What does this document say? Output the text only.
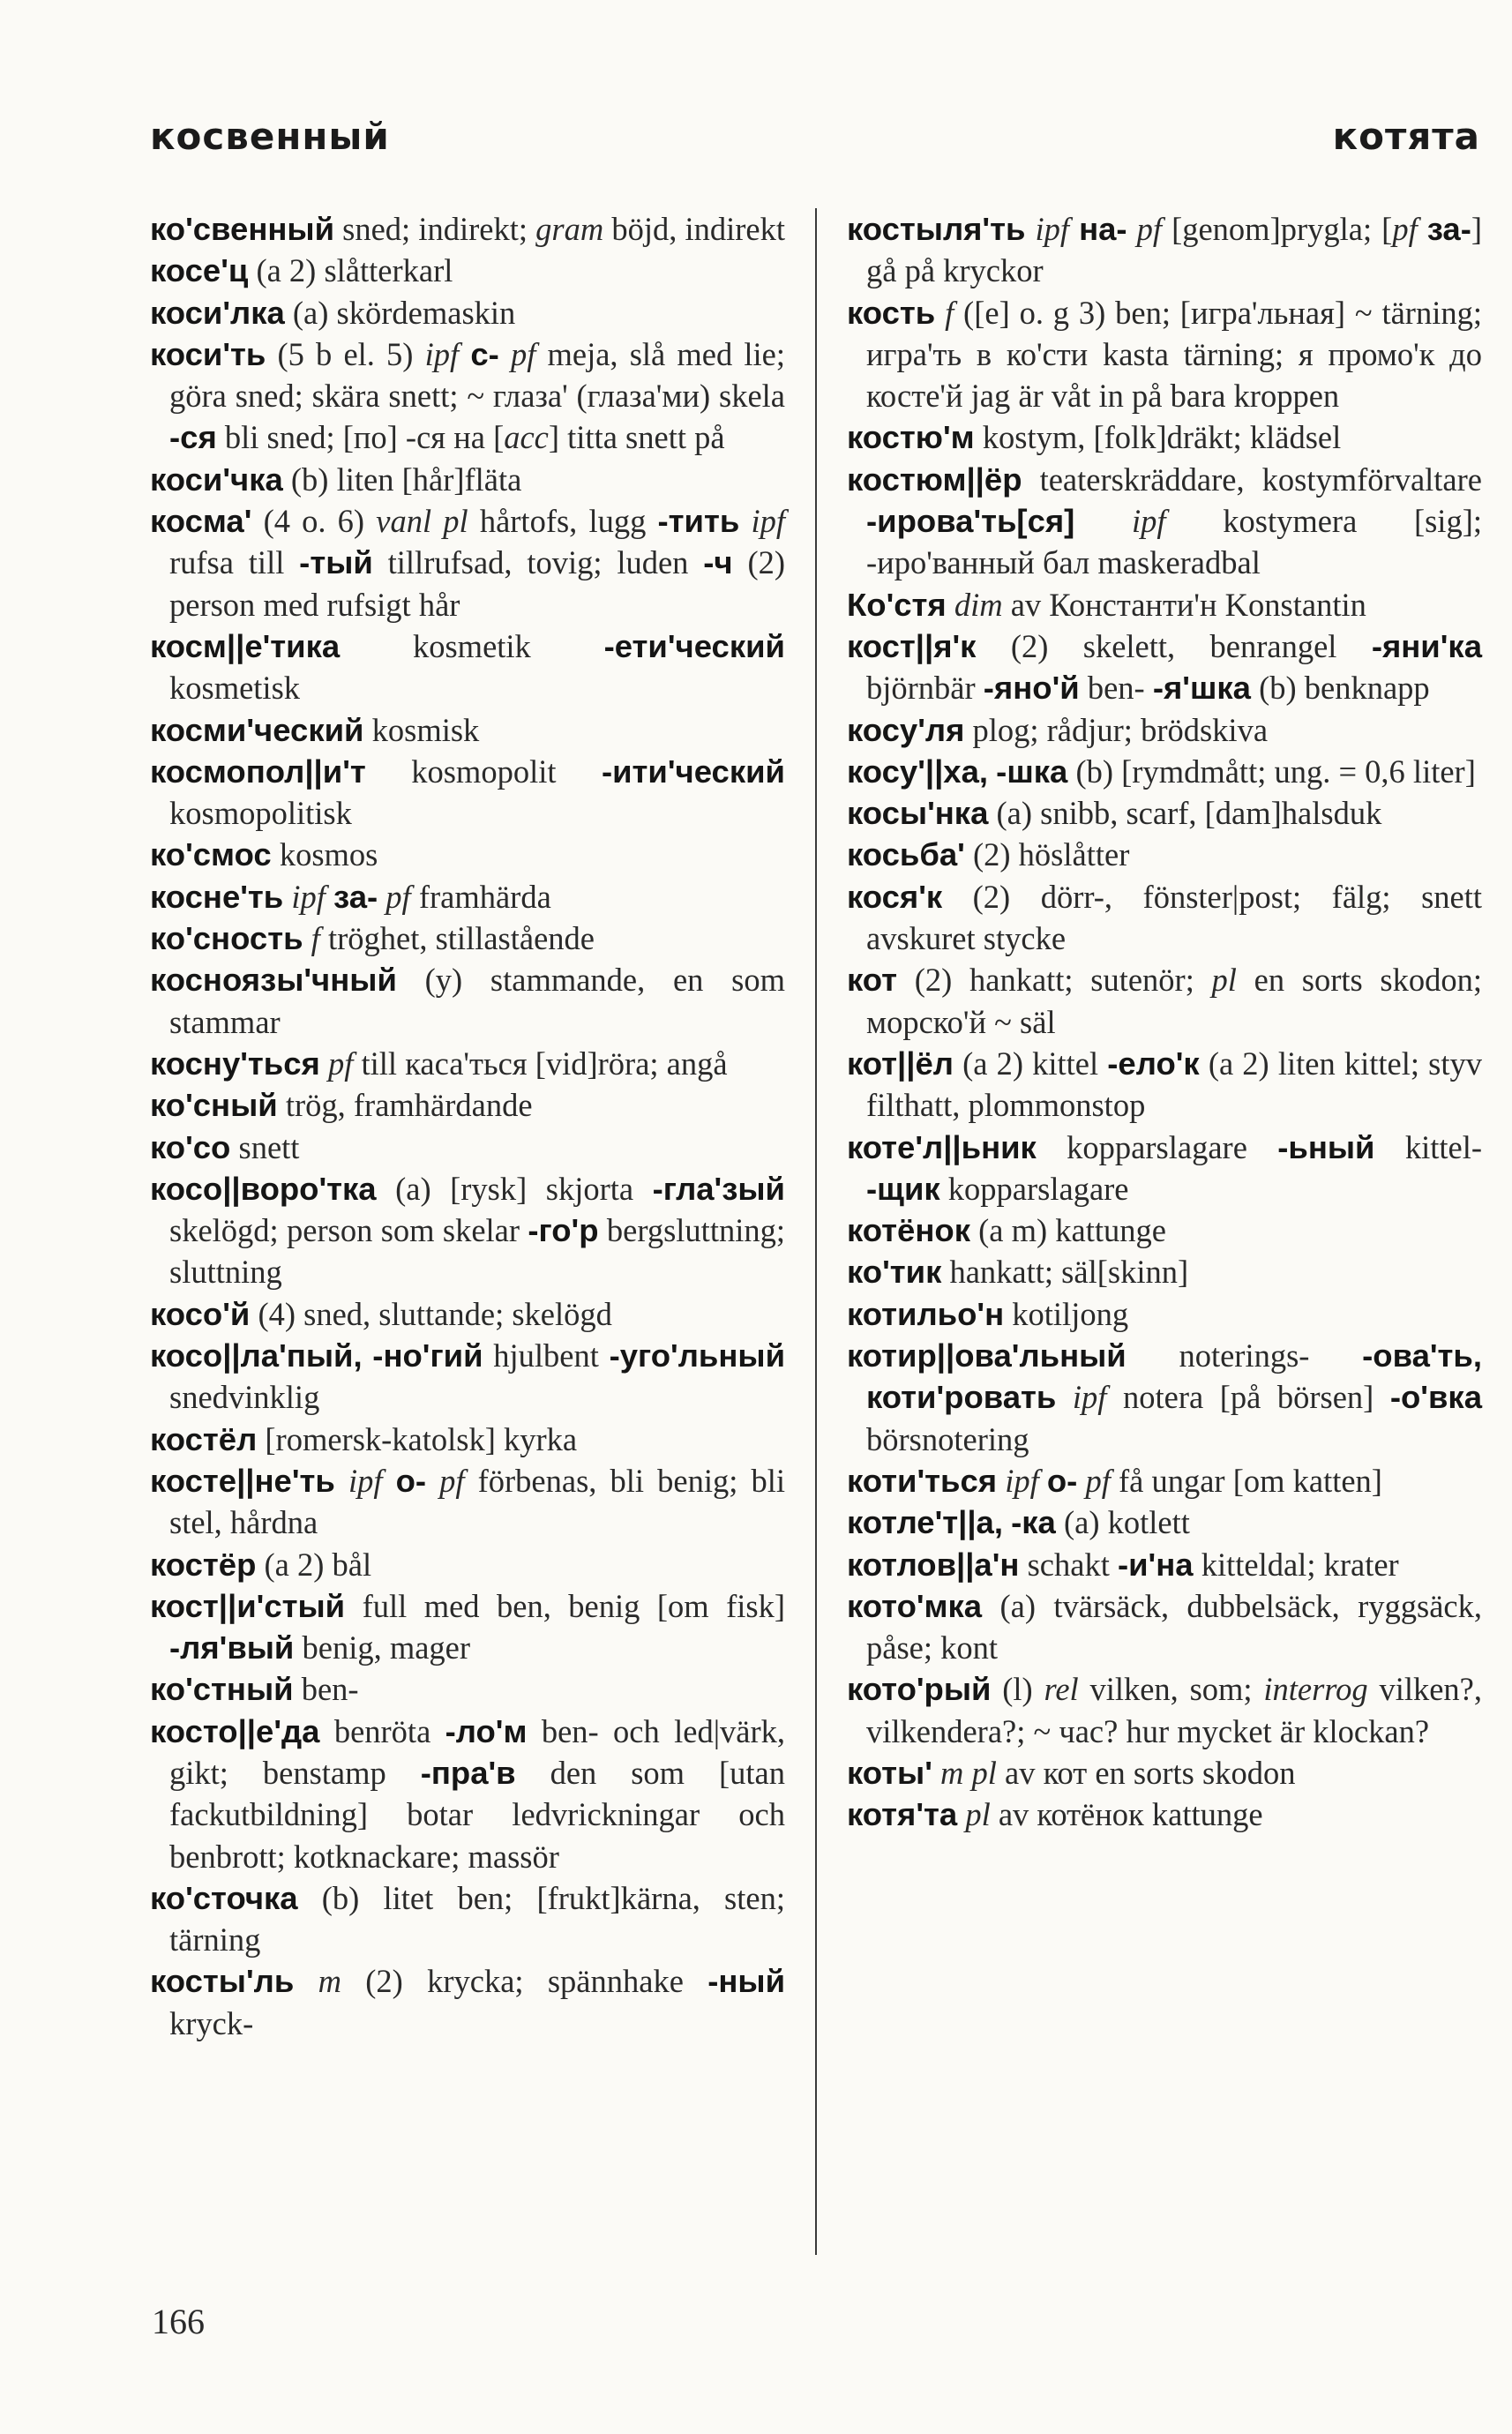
косвенный	котятa

ко'свенный sned; indirekt; gram böjd, indirekt

косе'ц (a 2) slåtterkarl

коси'лка (a) skördemaskin

коси'ть (5 b el. 5) ipf с- pf meja, slå med lie; göra sned; skära snett; ~ глаза' (глаза'ми) skela -ся bli sned; [по] -ся на [acc] titta snett på

коси'чка (b) liten [hår]fläta

косма' (4 o. 6) vanl pl hårtofs, lugg -тить ipf rufsa till -тый tillrufsad, tovig; luden -ч (2) person med rufsigt hår

косм||е'тика kosmetik -ети'ческий kosmetisk

косми'ческий kosmisk

космопол||и'т kosmopolit -ити'ческий kosmopolitisk

ко'смос kosmos

косне'ть ipf за- pf framhärda

ко'сность f tröghet, stillastående

косноязы'чный (y) stammande, en som stammar

косну'ться pf till каса'ться [vid]röra; angå

ко'сный trög, framhärdande

ко'со snett

косо||воро'тка (a) [rysk] skjorta -гла'зый skelögd; person som skelar -го'р bergsluttning; sluttning

косо'й (4) sned, sluttande; skelögd

косо||ла'пый, -но'гий hjulbent -уго'льный snedvinklig

костёл [romersk-katolsk] kyrka

косте||не'ть ipf о- pf förbenas, bli benig; bli stel, hårdna

костёр (a 2) bål

кост||и'стый full med ben, benig [om fisk] -ля'вый benig, mager

ко'стный ben-

косто||е'да benröta -ло'м ben- och led|värk, gikt; benstamp -пра'в den som [utan fackutbildning] botar ledvrickningar och benbrott; kotknackare; massör

ко'сточка (b) litet ben; [frukt]kärna, sten; tärning

косты'ль m (2) krycka; spännhake -ный kryck-

костыля'ть ipf на- pf [genom]prygla; [pf за-] gå på kryckor

кость f ([e] o. g 3) ben; [игра'льная] ~ tärning; игра'ть в ко'сти kasta tärning; я промо'к до косте'й jag är våt in på bara kroppen

костю'м kostym, [folk]dräkt; klädsel

костюм||ёр teaterskräddare, kostymförvaltare -ирова'ть[ся] ipf kostymera [sig]; -иро'ванный бал maskeradbal

Ко'стя dim av Константи'н Konstantin

кост||я'к (2) skelett, benrangel -яни'ка björnbär -яно'й ben- -я'шка (b) benknapp

косу'ля plog; rådjur; brödskiva

косу'||ха, -шка (b) [rymdmått; ung. = 0,6 liter]

косы'нка (a) snibb, scarf, [dam]halsduk

косьба' (2) höslåtter

кося'к (2) dörr-, fönster|post; fälg; snett avskuret stycke

кот (2) hankatt; sutenör; pl en sorts skodon; морско'й ~ säl

кот||ёл (a 2) kittel -ело'к (a 2) liten kittel; styv filthatt, plommonstop

коте'л||ьник kopparslagare -ьный kittel- -щик kopparslagare

котёнок (a m) kattunge

ко'тик hankatt; säl[skinn]

котильо'н kotiljong

котир||ова'льный noterings- -ова'ть, коти'ровать ipf notera [på börsen] -о'вка börsnotering

коти'ться ipf о- pf få ungar [om katten]

котле'т||а, -ка (a) kotlett

котлов||а'н schakt -и'на kitteldal; krater

кото'мка (a) tvärsäck, dubbelsäck, ryggsäck, påse; kont

кото'рый (l) rel vilken, som; interrog vilken?, vilkendera?; ~ час? hur mycket är klockan?

коты' m pl av кот en sorts skodon

котя'та pl av котёнок kattunge

166
